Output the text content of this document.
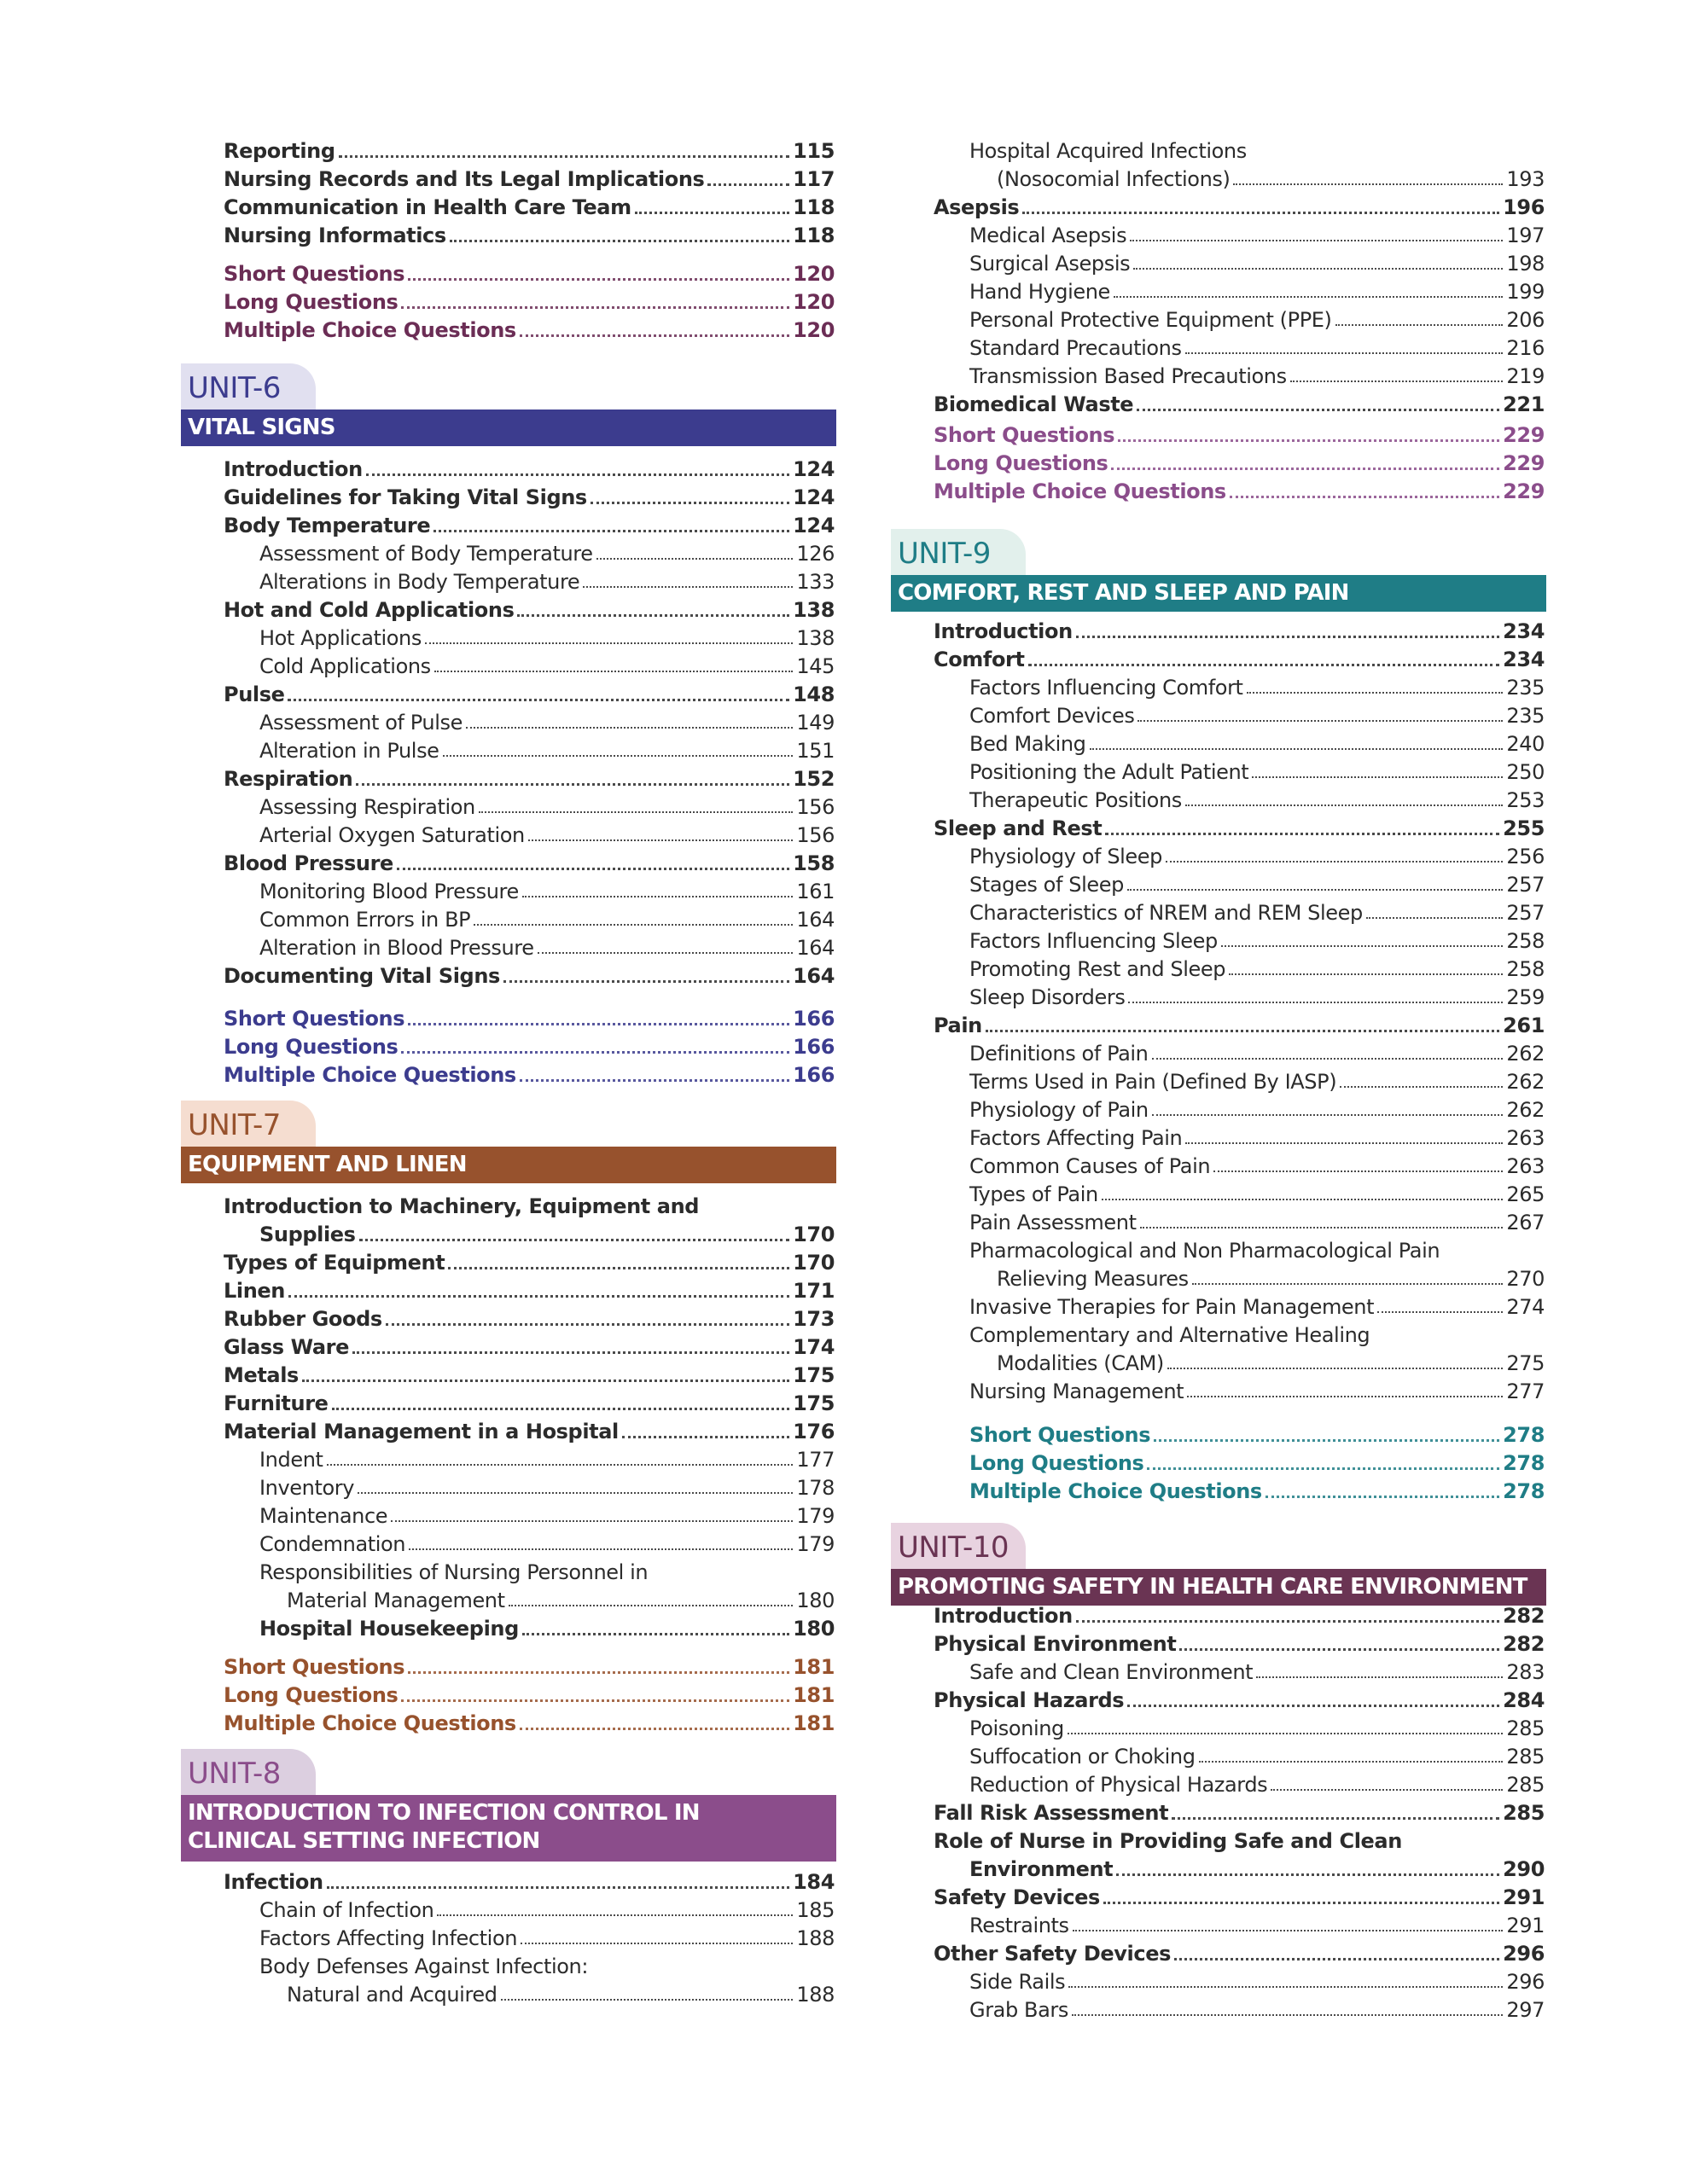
Reporting	115
Nursing Records and Its Legal Implications	117
Communication in Health Care Team	118
Nursing Informatics	118
Short Questions	120
Long Questions	120
Multiple Choice Questions	120
UNIT-6
VITAL SIGNS
Introduction	124
Guidelines for Taking Vital Signs	124
Body Temperature	124
Assessment of Body Temperature	126
Alterations in Body Temperature	133
Hot and Cold Applications	138
Hot Applications	138
Cold Applications	145
Pulse	148
Assessment of Pulse	149
Alteration in Pulse	151
Respiration	152
Assessing Respiration	156
Arterial Oxygen Saturation	156
Blood Pressure	158
Monitoring Blood Pressure	161
Common Errors in BP	164
Alteration in Blood Pressure	164
Documenting Vital Signs	164
Short Questions	166
Long Questions	166
Multiple Choice Questions	166
UNIT-7
EQUIPMENT AND LINEN
Introduction to Machinery, Equipment and
Supplies	170
Types of Equipment	170
Linen	171
Rubber Goods	173
Glass Ware	174
Metals	175
Furniture	175
Material Management in a Hospital	176
Indent	177
Inventory	178
Maintenance	179
Condemnation	179
Responsibilities of Nursing Personnel in
Material Management	180
Hospital Housekeeping	180
Short Questions	181
Long Questions	181
Multiple Choice Questions	181
UNIT-8
INTRODUCTION TO INFECTION CONTROL IN
CLINICAL SETTING INFECTION
Infection	184
Chain of Infection	185
Factors Affecting Infection	188
Body Defenses Against Infection:
Natural and Acquired	188
Hospital Acquired Infections
(Nosocomial Infections)	193
Asepsis	196
Medical Asepsis	197
Surgical Asepsis	198
Hand Hygiene	199
Personal Protective Equipment (PPE)	206
Standard Precautions	216
Transmission Based Precautions	219
Biomedical Waste	221
Short Questions	229
Long Questions	229
Multiple Choice Questions	229
UNIT-9
COMFORT, REST AND SLEEP AND PAIN
Introduction	234
Comfort	234
Factors Influencing Comfort	235
Comfort Devices	235
Bed Making	240
Positioning the Adult Patient	250
Therapeutic Positions	253
Sleep and Rest	255
Physiology of Sleep	256
Stages of Sleep	257
Characteristics of NREM and REM Sleep	257
Factors Influencing Sleep	258
Promoting Rest and Sleep	258
Sleep Disorders	259
Pain	261
Definitions of Pain	262
Terms Used in Pain (Defined By IASP)	262
Physiology of Pain	262
Factors Affecting Pain	263
Common Causes of Pain	263
Types of Pain	265
Pain Assessment	267
Pharmacological and Non Pharmacological Pain
Relieving Measures	270
Invasive Therapies for Pain Management	274
Complementary and Alternative Healing
Modalities (CAM)	275
Nursing Management	277
Short Questions	278
Long Questions	278
Multiple Choice Questions	278
UNIT-10
PROMOTING SAFETY IN HEALTH CARE ENVIRONMENT
Introduction	282
Physical Environment	282
Safe and Clean Environment	283
Physical Hazards	284
Poisoning	285
Suffocation or Choking	285
Reduction of Physical Hazards	285
Fall Risk Assessment	285
Role of Nurse in Providing Safe and Clean
Environment	290
Safety Devices	291
Restraints	291
Other Safety Devices	296
Side Rails	296
Grab Bars	297
